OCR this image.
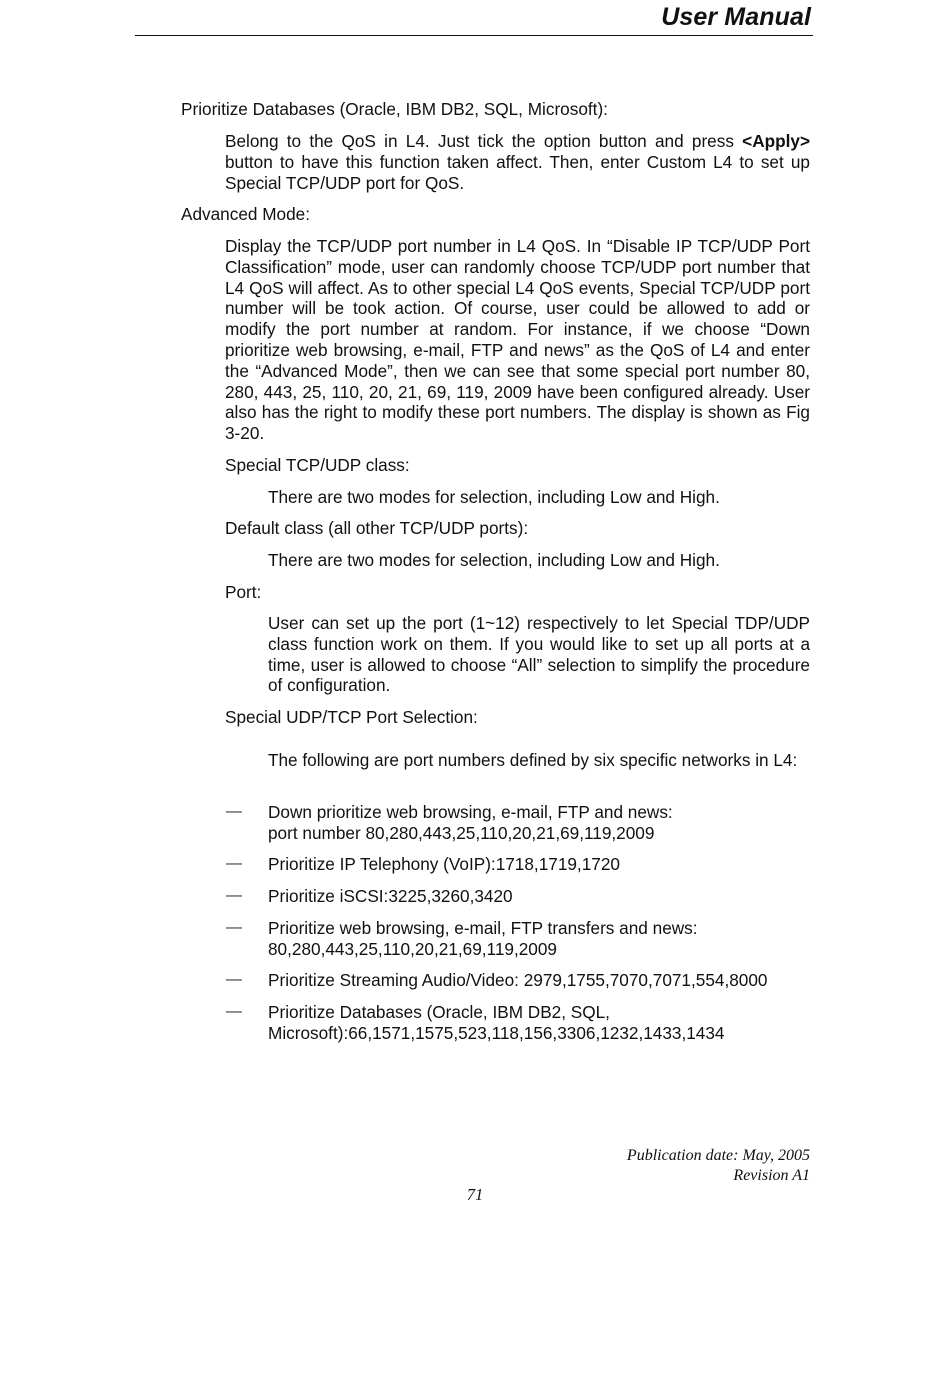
User Manual
Prioritize Databases (Oracle, IBM DB2, SQL, Microsoft):
Belong to the QoS in L4. Just tick the option button and press <Apply> button to have this function taken affect. Then, enter Custom L4 to set up Special TCP/UDP port for QoS.
Advanced Mode:
Display the TCP/UDP port number in L4 QoS. In “Disable IP TCP/UDP Port Classification” mode, user can randomly choose TCP/UDP port number that L4 QoS will affect. As to other special L4 QoS events, Special TCP/UDP port number will be took action. Of course, user could be allowed to add or modify the port number at random. For instance, if we choose “Down prioritize web browsing, e-mail, FTP and news” as the QoS of L4 and enter the “Advanced Mode”, then we can see that some special port number 80, 280, 443, 25, 110, 20, 21, 69, 119, 2009 have been configured already. User also has the right to modify these port numbers. The display is shown as Fig 3-20.
Special TCP/UDP class:
There are two modes for selection, including Low and High.
Default class (all other TCP/UDP ports):
There are two modes for selection, including Low and High.
Port:
User can set up the port (1~12) respectively to let Special TDP/UDP class function work on them. If you would like to set up all ports at a time, user is allowed to choose “All” selection to simplify the procedure of configuration.
Special UDP/TCP Port Selection:
The following are port numbers defined by six specific networks in L4:
— Down prioritize web browsing, e-mail, FTP and news:
port number 80,280,443,25,110,20,21,69,119,2009
— Prioritize IP Telephony (VoIP):1718,1719,1720
— Prioritize iSCSI:3225,3260,3420
— Prioritize web browsing, e-mail, FTP transfers and news:
80,280,443,25,110,20,21,69,119,2009
— Prioritize Streaming Audio/Video: 2979,1755,7070,7071,554,8000
— Prioritize Databases (Oracle, IBM DB2, SQL,
Microsoft):66,1571,1575,523,118,156,3306,1232,1433,1434
Publication date: May, 2005
Revision A1
71
